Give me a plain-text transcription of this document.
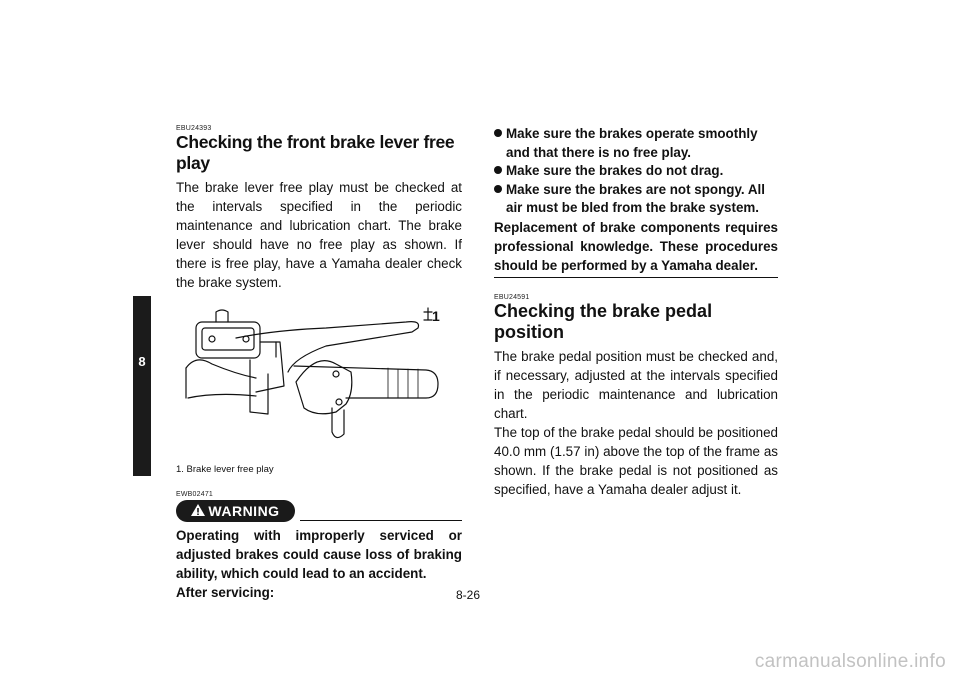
8
EBU24393
Checking the front brake lever free play

The brake lever free play must be checked at the intervals specified in the periodic maintenance and lubrication chart. The brake lever should have no free play as shown. If there is free play, have a Yamaha dealer check the brake system.

1
1. Brake lever free play
EWB02471
WARNING

Operating with improperly serviced or adjusted brakes could cause loss of braking ability, which could lead to an accident.

After servicing:

Make sure the brakes operate smoothly and that there is no free play.
Make sure the brakes do not drag.
Make sure the brakes are not spongy. All air must be bled from the brake system.

Replacement of brake components requires professional knowledge. These procedures should be performed by a Yamaha dealer.

EBU24591
Checking the brake pedal position

The brake pedal position must be checked and, if necessary, adjusted at the intervals specified in the periodic maintenance and lubrication chart.

The top of the brake pedal should be positioned 40.0 mm (1.57 in) above the top of the frame as shown. If the brake pedal is not positioned as specified, have a Yamaha dealer adjust it.

8-26
carmanualsonline.info
